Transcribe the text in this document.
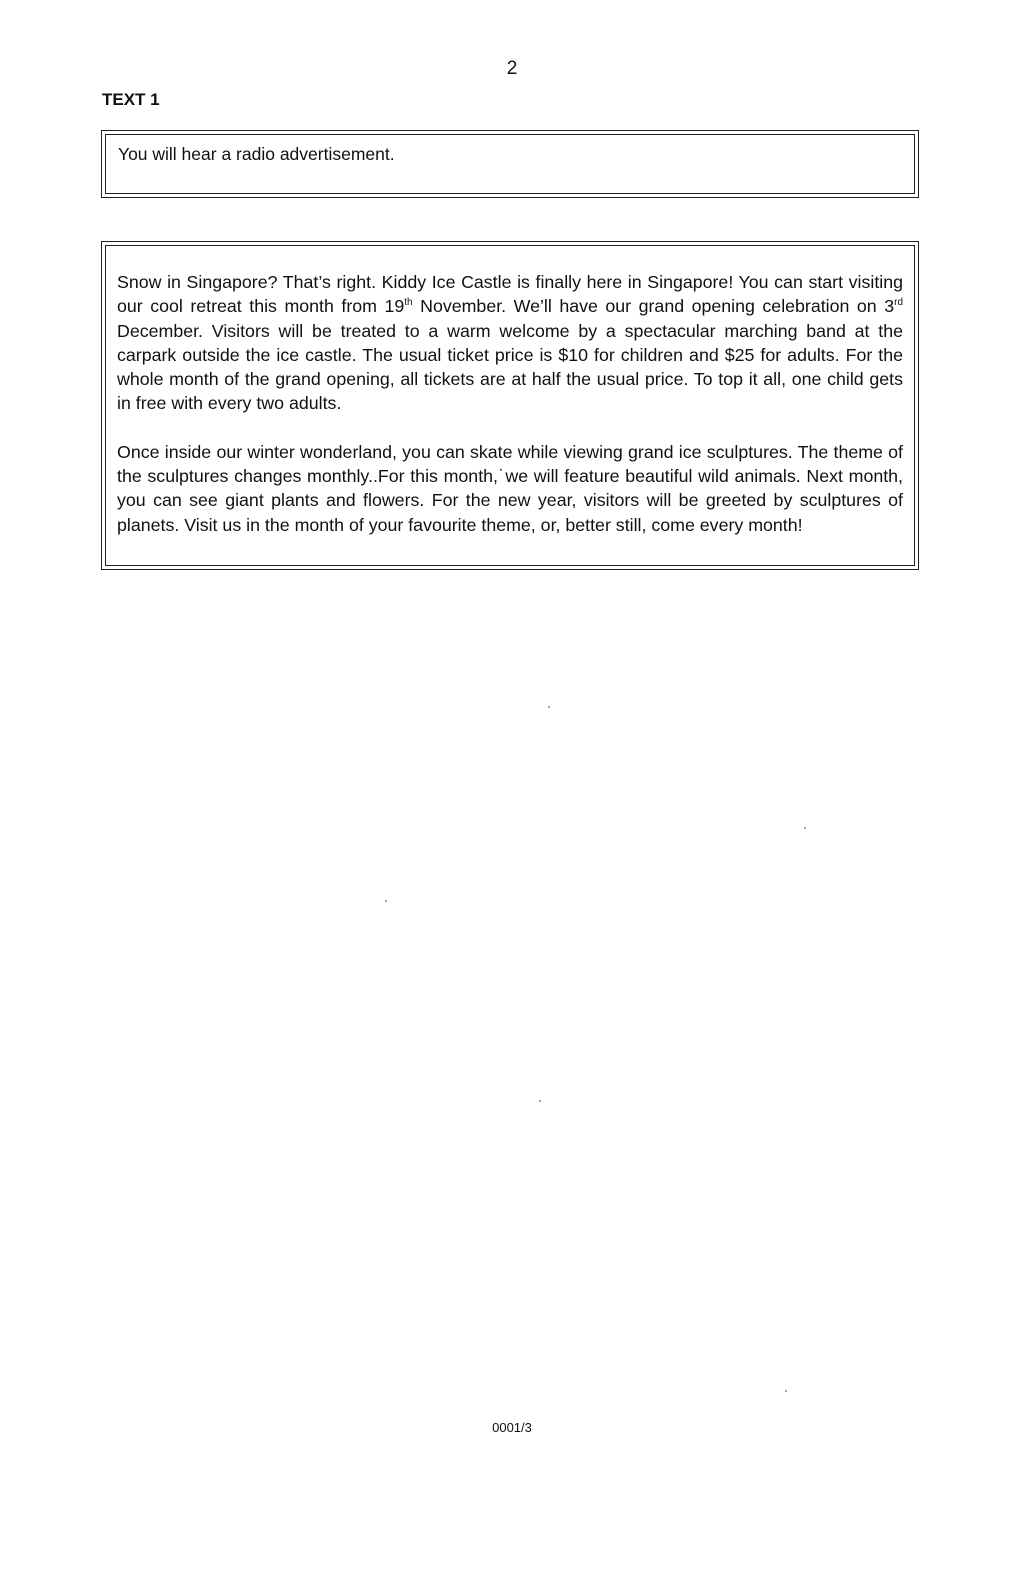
2
TEXT 1
You will hear a radio advertisement.

Snow in Singapore? That’s right. Kiddy Ice Castle is finally here in Singapore! You can start visiting our cool retreat this month from 19th November. We’ll have our grand opening celebration on 3rd December. Visitors will be treated to a warm welcome by a spectacular marching band at the carpark outside the ice castle. The usual ticket price is $10 for children and $25 for adults. For the whole month of the grand opening, all tickets are at half the usual price. To top it all, one child gets in free with every two adults.

Once inside our winter wonderland, you can skate while viewing grand ice sculptures. The theme of the sculptures changes monthly..For this month,˙we will feature beautiful wild animals. Next month, you can see giant plants and flowers. For the new year, visitors will be greeted by sculptures of planets. Visit us in the month of your favourite theme, or, better still, come every month!

0001/3
